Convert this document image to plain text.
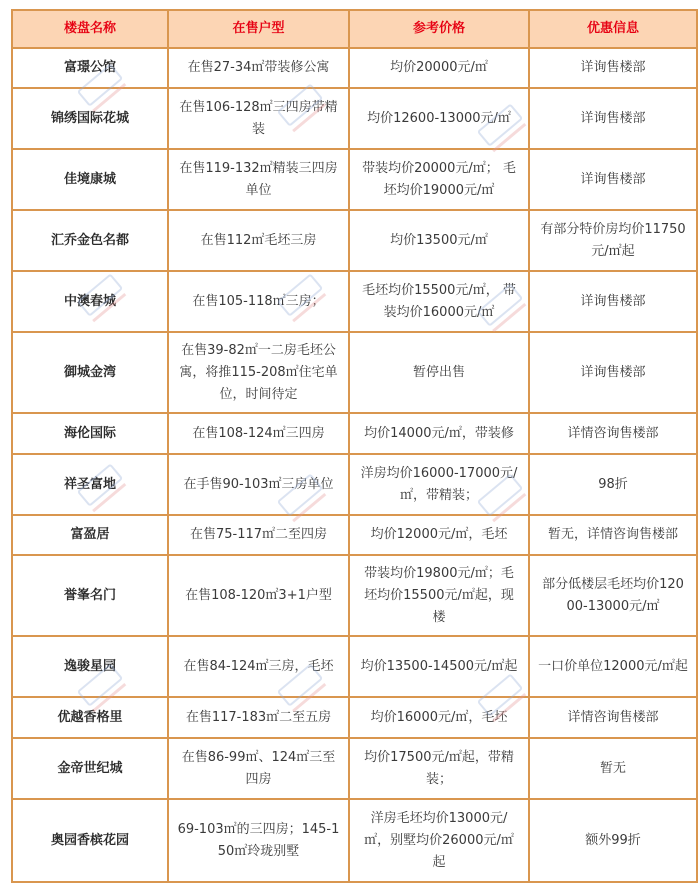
楼盘名称	在售户型	参考价格	优惠信息
富璟公馆	在售27-34㎡带装修公寓	均价20000元/㎡	详询售楼部
锦绣国际花城	在售106-128㎡三四房带精装	均价12600-13000元/㎡	详询售楼部
佳境康城	在售119-132㎡精装三四房单位	带装均价20000元/㎡； 毛坯均价19000元/㎡	详询售楼部
汇乔金色名都	在售112㎡毛坯三房	均价13500元/㎡	有部分特价房均价11750元/㎡起
中澳春城	在售105-118㎡三房；	毛坯均价15500元/㎡， 带装均价16000元/㎡	详询售楼部
御城金湾	在售39-82㎡一二房毛坯公寓，将推115-208㎡住宅单位，时间待定	暂停出售	详询售楼部
海伦国际	在售108-124㎡三四房	均价14000元/㎡，带装修	详情咨询售楼部
祥圣富地	在手售90-103㎡三房单位	洋房均价16000-17000元/㎡，带精装；	98折
富盈居	在售75-117㎡二至四房	均价12000元/㎡，毛坯	暂无，详情咨询售楼部
誉峯名门	在售108-120㎡3+1户型	带装均价19800元/㎡；毛坯均价15500元/㎡起，现楼	部分低楼层毛坯均价12000-13000元/㎡
逸骏星园	在售84-124㎡三房，毛坯	均价13500-14500元/㎡起	一口价单位12000元/㎡起
优越香格里	在售117-183㎡二至五房	均价16000元/㎡，毛坯	详情咨询售楼部
金帝世纪城	在售86-99㎡、124㎡三至四房	均价17500元/㎡起，带精装；	暂无
奥园香槟花园	69-103㎡的三四房；145-150㎡玲珑别墅	洋房毛坯均价13000元/㎡，别墅均价26000元/㎡起	额外99折
